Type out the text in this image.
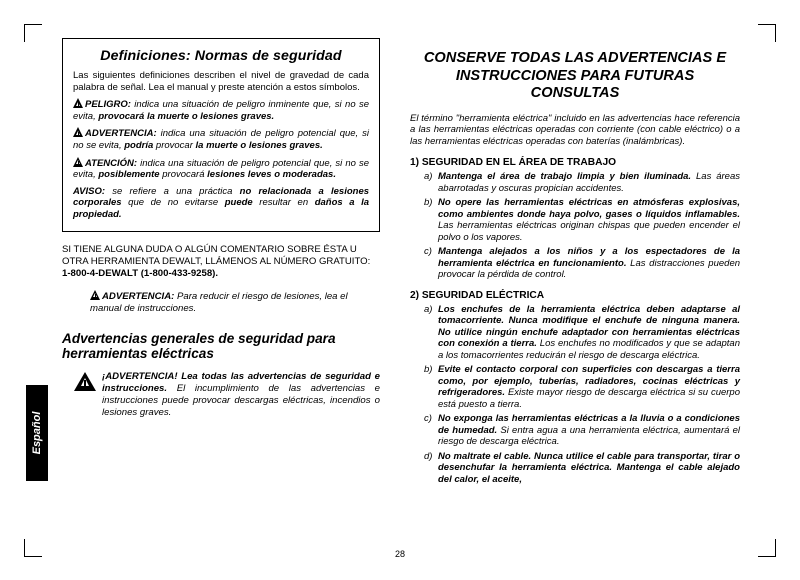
Definiciones: Normas de seguridad

Las siguientes definiciones describen el nivel de gravedad de cada palabra de señal. Lea el manual y preste atención a estos símbolos.

PELIGRO: indica una situación de peligro inminente que, si no se evita, provocará la muerte o lesiones graves.

ADVERTENCIA: indica una situación de peligro potencial que, si no se evita, podría provocar la muerte o lesiones graves.

ATENCIÓN: indica una situación de peligro potencial que, si no se evita, posiblemente provocará lesiones leves o moderadas.

AVISO: se refiere a una práctica no relacionada a lesiones corporales que de no evitarse puede resultar en daños a la propiedad.

SI TIENE ALGUNA DUDA O ALGÚN COMENTARIO SOBRE ÉSTA U OTRA HERRAMIENTA DEWALT, LLÁMENOS AL NÚMERO GRATUITO: 1-800-4-DEWALT (1-800-433-9258).

ADVERTENCIA: Para reducir el riesgo de lesiones, lea el manual de instrucciones.

Advertencias generales de seguridad para herramientas eléctricas
¡ADVERTENCIA! Lea todas las advertencias de seguridad e instrucciones. El incumplimiento de las advertencias e instrucciones puede provocar descargas eléctricas, incendios o lesiones graves.
Español
CONSERVE TODAS LAS ADVERTENCIAS E INSTRUCCIONES PARA FUTURAS CONSULTAS

El término "herramienta eléctrica" incluido en las advertencias hace referencia a las herramientas eléctricas operadas con corriente (con cable eléctrico) o a las herramientas eléctricas operadas con baterías (inalámbricas).

1) SEGURIDAD EN EL ÁREA DE TRABAJO
a) Mantenga el área de trabajo limpia y bien iluminada. Las áreas abarrotadas y oscuras propician accidentes.
b) No opere las herramientas eléctricas en atmósferas explosivas, como ambientes donde haya polvo, gases o líquidos inflamables. Las herramientas eléctricas originan chispas que pueden encender el polvo o los vapores.
c) Mantenga alejados a los niños y a los espectadores de la herramienta eléctrica en funcionamiento. Las distracciones pueden provocar la pérdida de control.
2) SEGURIDAD ELÉCTRICA
a) Los enchufes de la herramienta eléctrica deben adaptarse al tomacorriente. Nunca modifique el enchufe de ninguna manera. No utilice ningún enchufe adaptador con herramientas eléctricas con conexión a tierra. Los enchufes no modificados y que se adaptan a los tomacorrientes reducirán el riesgo de descarga eléctrica.
b) Evite el contacto corporal con superficies con descargas a tierra como, por ejemplo, tuberías, radiadores, cocinas eléctricas y refrigeradores. Existe mayor riesgo de descarga eléctrica si su cuerpo está puesto a tierra.
c) No exponga las herramientas eléctricas a la lluvia o a condiciones de humedad. Si entra agua a una herramienta eléctrica, aumentará el riesgo de descarga eléctrica.
d) No maltrate el cable. Nunca utilice el cable para transportar, tirar o desenchufar la herramienta eléctrica. Mantenga el cable alejado del calor, el aceite,
28
